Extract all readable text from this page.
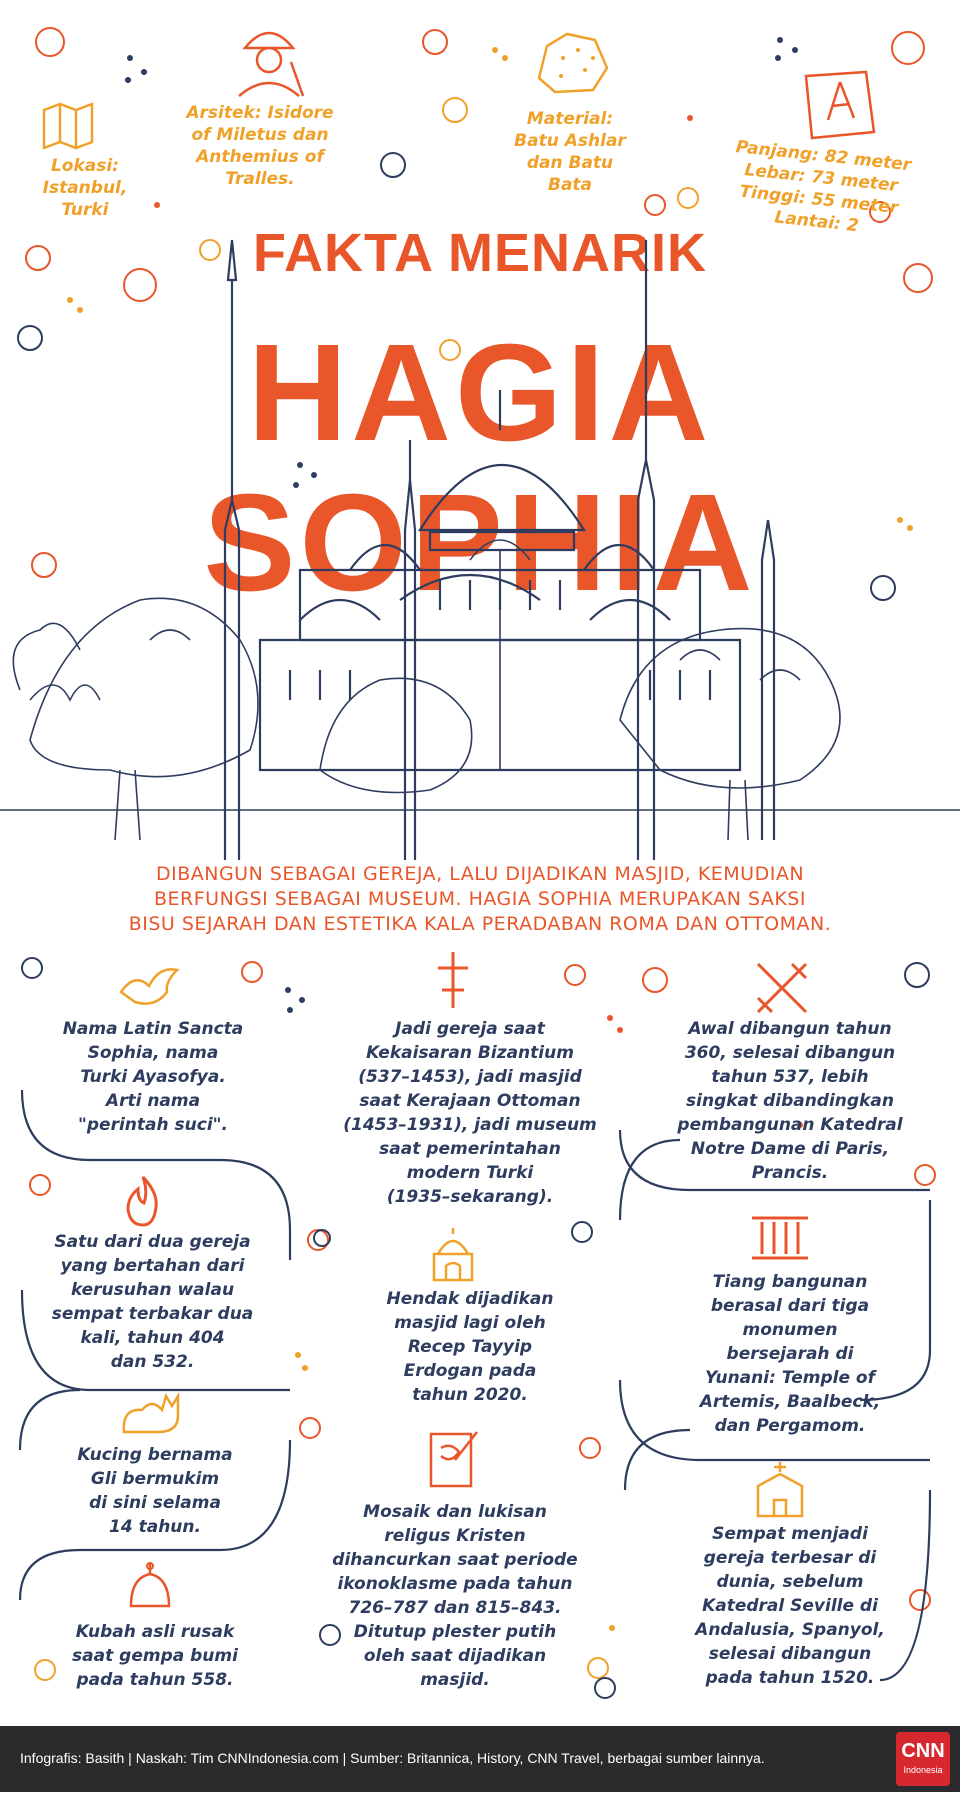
Lokasi:
Istanbul,
Turki
Arsitek: Isidore
of Miletus dan
Anthemius of
Tralles.
Material:
Batu Ashlar
dan Batu
Bata
Panjang: 82 meter
Lebar: 73 meter
Tinggi: 55 meter
Lantai: 2
FAKTA MENARIK
HAGIA SOPHIA
DIBANGUN SEBAGAI GEREJA, LALU DIJADIKAN MASJID, KEMUDIAN
BERFUNGSI SEBAGAI MUSEUM. HAGIA SOPHIA MERUPAKAN SAKSI
BISU SEJARAH DAN ESTETIKA KALA PERADABAN ROMA DAN OTTOMAN.
Nama Latin Sancta
Sophia, nama
Turki Ayasofya.
Arti nama
"perintah suci".
Jadi gereja saat
Kekaisaran Bizantium
(537–1453), jadi masjid
saat Kerajaan Ottoman
(1453–1931), jadi museum
saat pemerintahan
modern Turki
(1935–sekarang).
Awal dibangun tahun
360, selesai dibangun
tahun 537, lebih
singkat dibandingkan
pembangunan Katedral
Notre Dame di Paris,
Prancis.
Satu dari dua gereja
yang bertahan dari
kerusuhan walau
sempat terbakar dua
kali, tahun 404
dan 532.
Hendak dijadikan
masjid lagi oleh
Recep Tayyip
Erdogan pada
tahun 2020.
Tiang bangunan
berasal dari tiga
monumen
bersejarah di
Yunani: Temple of
Artemis, Baalbeck,
dan Pergamom.
Kucing bernama
Gli bermukim
di sini selama
14 tahun.
Mosaik dan lukisan
religus Kristen
dihancurkan saat periode
ikonoklasme pada tahun
726–787 dan 815–843.
Ditutup plester putih
oleh saat dijadikan
masjid.
Sempat menjadi
gereja terbesar di
dunia, sebelum
Katedral Seville di
Andalusia, Spanyol,
selesai dibangun
pada tahun 1520.
Kubah asli rusak
saat gempa bumi
pada tahun 558.
Infografis: Basith | Naskah: Tim CNNIndonesia.com | Sumber: Britannica, History, CNN Travel, berbagai sumber lainnya.	CNN
Indonesia
